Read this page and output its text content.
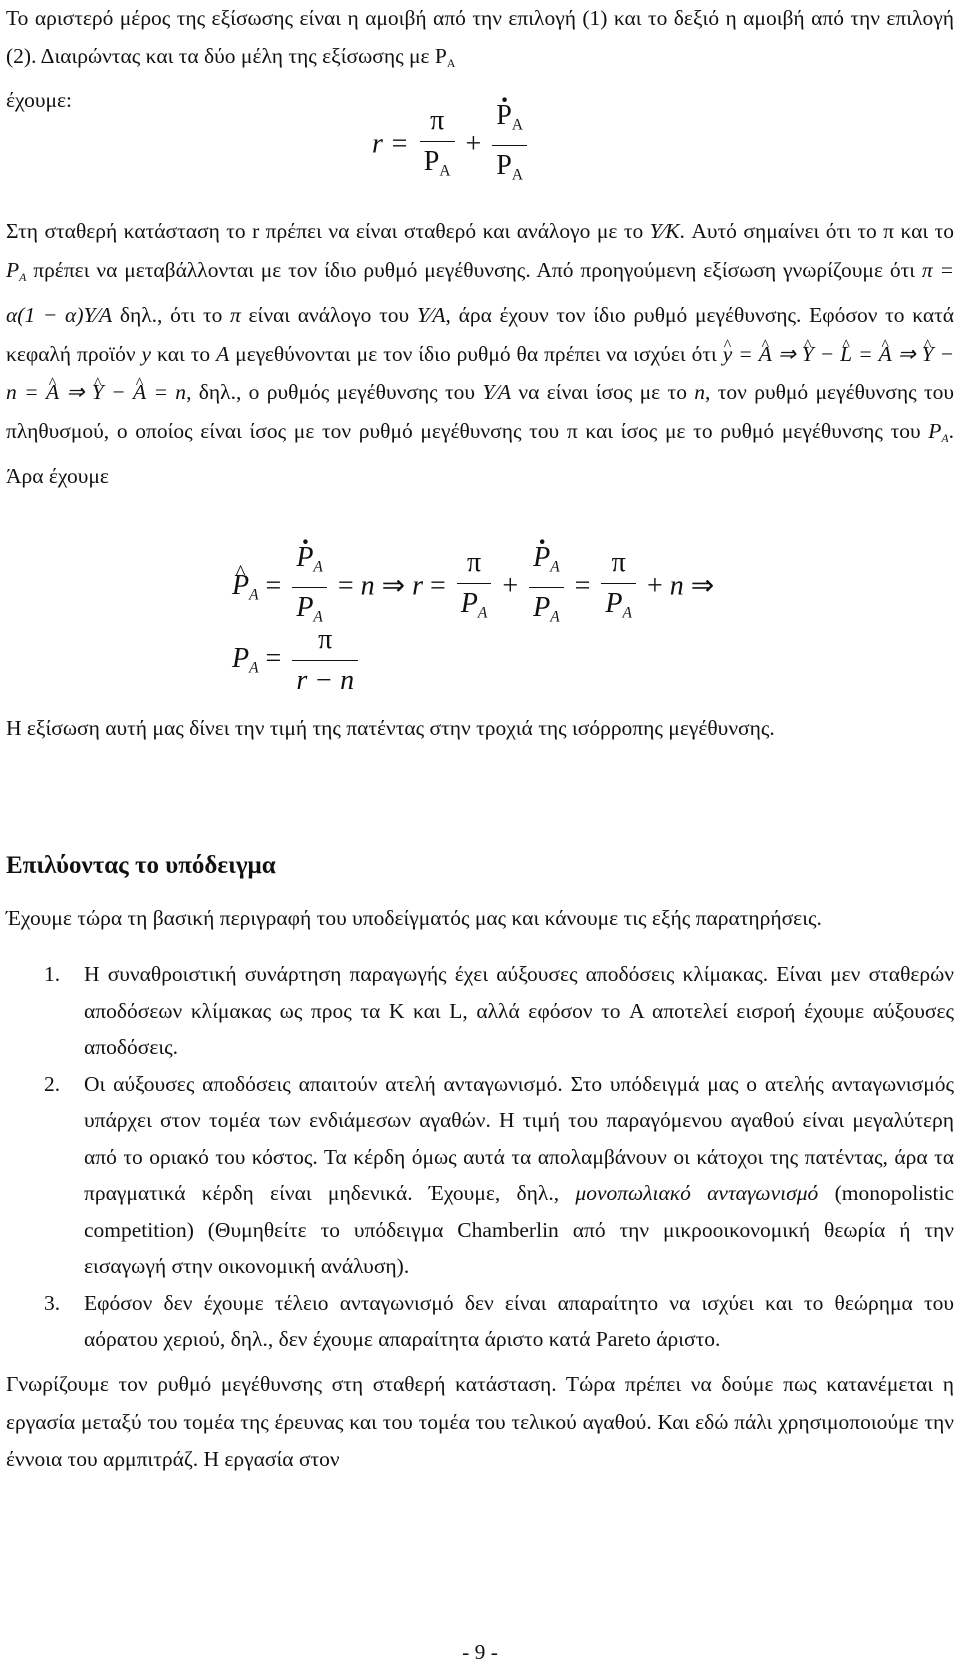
Το αριστερό μέρος της εξίσωσης είναι η αμοιβή από την επιλογή (1) και το δεξιό η αμοιβή από την επιλογή (2). Διαιρώντας και τα δύο μέλη της εξίσωσης με $P_A$
έχουμε:

$r = \frac{\pi}{P_A}$ + · $\frac{P_A}{P_A}$

Στη σταθερή κατάσταση το r πρέπει να είναι σταθερό και ανάλογο με το Y⁄K. Αυτό σημαίνει ότι το π και το $P_A$ πρέπει να μεταβάλλονται με τον ίδιο ρυθμό μεγέθυνσης. Από προηγούμενη εξίσωση γνωρίζουμε ότι π = α(1 − α)Y⁄A δηλ., ότι το π είναι ανάλογο του Y⁄A, άρα έχουν τον ίδιο ρυθμό μεγέθυνσης. Εφόσον το κατά κεφαλή προϊόν y και το A μεγεθύνονται με τον ίδιο ρυθμό θα πρέπει να ισχύει ότι ^ y = ^ A ⇒ ^ Y − ^ L = ^ A ⇒ ^ Y − n = ^ A ⇒ ^ Y − ^ A = n, δηλ., ο ρυθμός μεγέθυνσης του Y⁄A να είναι ίσος με το n, τον ρυθμό μεγέθυνσης του πληθυσμού, ο οποίος είναι ίσος με τον ρυθμό μεγέθυνσης του π και ίσος με το ρυθμό μεγέθυνσης του $P_A$. Άρα έχουμε

^ $P_A$ = · $\frac{P_A}{P_A} = n$ ⇒ $r = \frac{\pi}{P_A}$ + · $\frac{P_A}{P_A} = \frac{\pi}{P_A} + n$ ⇒
$P_A = \frac{\pi}{r - n}$

Η εξίσωση αυτή μας δίνει την τιμή της πατέντας στην τροχιά της ισόρροπης μεγέθυνσης.

Επιλύοντας το υπόδειγμα

Έχουμε τώρα τη βασική περιγραφή του υποδείγματός μας και κάνουμε τις εξής παρατηρήσεις.

1. Η συναθροιστική συνάρτηση παραγωγής έχει αύξουσες αποδόσεις κλίμακας. Είναι μεν σταθερών αποδόσεων κλίμακας ως προς τα K και L, αλλά εφόσον το A αποτελεί εισροή έχουμε αύξουσες αποδόσεις.
2. Οι αύξουσες αποδόσεις απαιτούν ατελή ανταγωνισμό. Στο υπόδειγμά μας ο ατελής ανταγωνισμός υπάρχει στον τομέα των ενδιάμεσων αγαθών. Η τιμή του παραγόμενου αγαθού είναι μεγαλύτερη από το οριακό του κόστος. Τα κέρδη όμως αυτά τα απολαμβάνουν οι κάτοχοι της πατέντας, άρα τα πραγματικά κέρδη είναι μηδενικά. Έχουμε, δηλ., μονοπωλιακό ανταγωνισμό (monopolistic competition) (Θυμηθείτε το υπόδειγμα Chamberlin από την μικροοικονομική θεωρία ή την εισαγωγή στην οικονομική ανάλυση).
3. Εφόσον δεν έχουμε τέλειο ανταγωνισμό δεν είναι απαραίτητο να ισχύει και το θεώρημα του αόρατου χεριού, δηλ., δεν έχουμε απαραίτητα άριστο κατά Pareto άριστο.

Γνωρίζουμε τον ρυθμό μεγέθυνσης στη σταθερή κατάσταση. Τώρα πρέπει να δούμε πως κατανέμεται η εργασία μεταξύ του τομέα της έρευνας και του τομέα του τελικού αγαθού. Και εδώ πάλι χρησιμοποιούμε την έννοια του αρμπιτράζ. Η εργασία στον

- 9 -
